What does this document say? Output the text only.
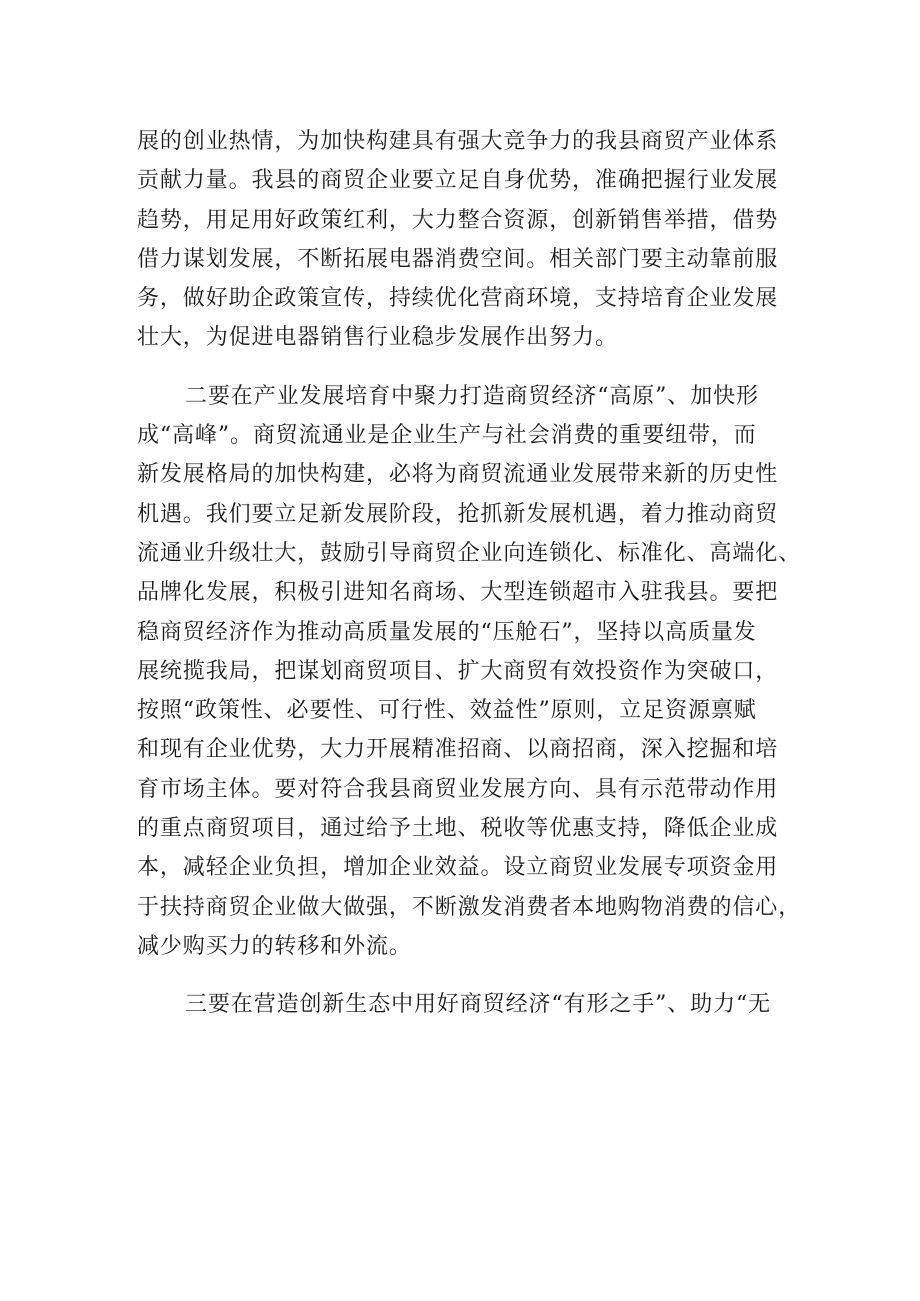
展的创业热情，为加快构建具有强大竞争力的我县商贸产业体系
贡献力量。我县的商贸企业要立足自身优势，准确把握行业发展
趋势，用足用好政策红利，大力整合资源，创新销售举措，借势
借力谋划发展，不断拓展电器消费空间。相关部门要主动靠前服
务，做好助企政策宣传，持续优化营商环境，支持培育企业发展
壮大，为促进电器销售行业稳步发展作出努力。
二要在产业发展培育中聚力打造商贸经济“高原”、加快形
成“高峰”。商贸流通业是企业生产与社会消费的重要纽带，而
新发展格局的加快构建，必将为商贸流通业发展带来新的历史性
机遇。我们要立足新发展阶段，抢抓新发展机遇，着力推动商贸
流通业升级壮大，鼓励引导商贸企业向连锁化、标准化、高端化、
品牌化发展，积极引进知名商场、大型连锁超市入驻我县。要把
稳商贸经济作为推动高质量发展的“压舱石”，坚持以高质量发
展统揽我局，把谋划商贸项目、扩大商贸有效投资作为突破口，
按照“政策性、必要性、可行性、效益性”原则，立足资源禀赋
和现有企业优势，大力开展精准招商、以商招商，深入挖掘和培
育市场主体。要对符合我县商贸业发展方向、具有示范带动作用
的重点商贸项目，通过给予土地、税收等优惠支持，降低企业成
本，减轻企业负担，增加企业效益。设立商贸业发展专项资金用
于扶持商贸企业做大做强，不断激发消费者本地购物消费的信心，
减少购买力的转移和外流。
三要在营造创新生态中用好商贸经济“有形之手”、助力“无
